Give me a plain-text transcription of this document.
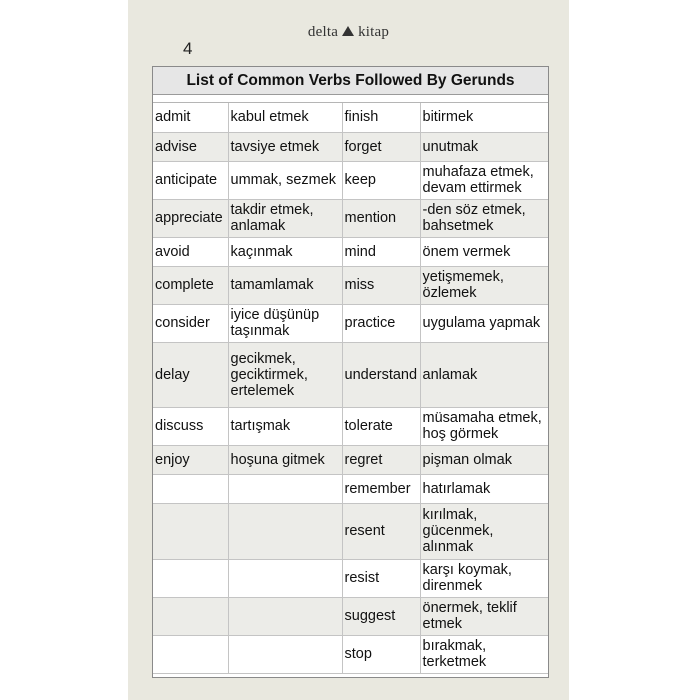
delta kitap
4
List of Common Verbs Followed By Gerunds
admit	kabul etmek	finish	bitirmek
advise	tavsiye etmek	forget	unutmak
anticipate	ummak, sezmek	keep	muhafaza etmek, devam ettirmek
appreciate	takdir etmek, anlamak	mention	-den söz etmek, bahsetmek
avoid	kaçınmak	mind	önem vermek
complete	tamamlamak	miss	yetişmemek, özlemek
consider	iyice düşünüp taşınmak	practice	uygulama yapmak
delay	gecikmek, geciktirmek, ertelemek	understand	anlamak
discuss	tartışmak	tolerate	müsamaha etmek, hoş görmek
enjoy	hoşuna gitmek	regret	pişman olmak
		remember	hatırlamak
		resent	kırılmak, gücenmek, alınmak
		resist	karşı koymak, direnmek
		suggest	önermek, teklif etmek
		stop	bırakmak, terketmek
